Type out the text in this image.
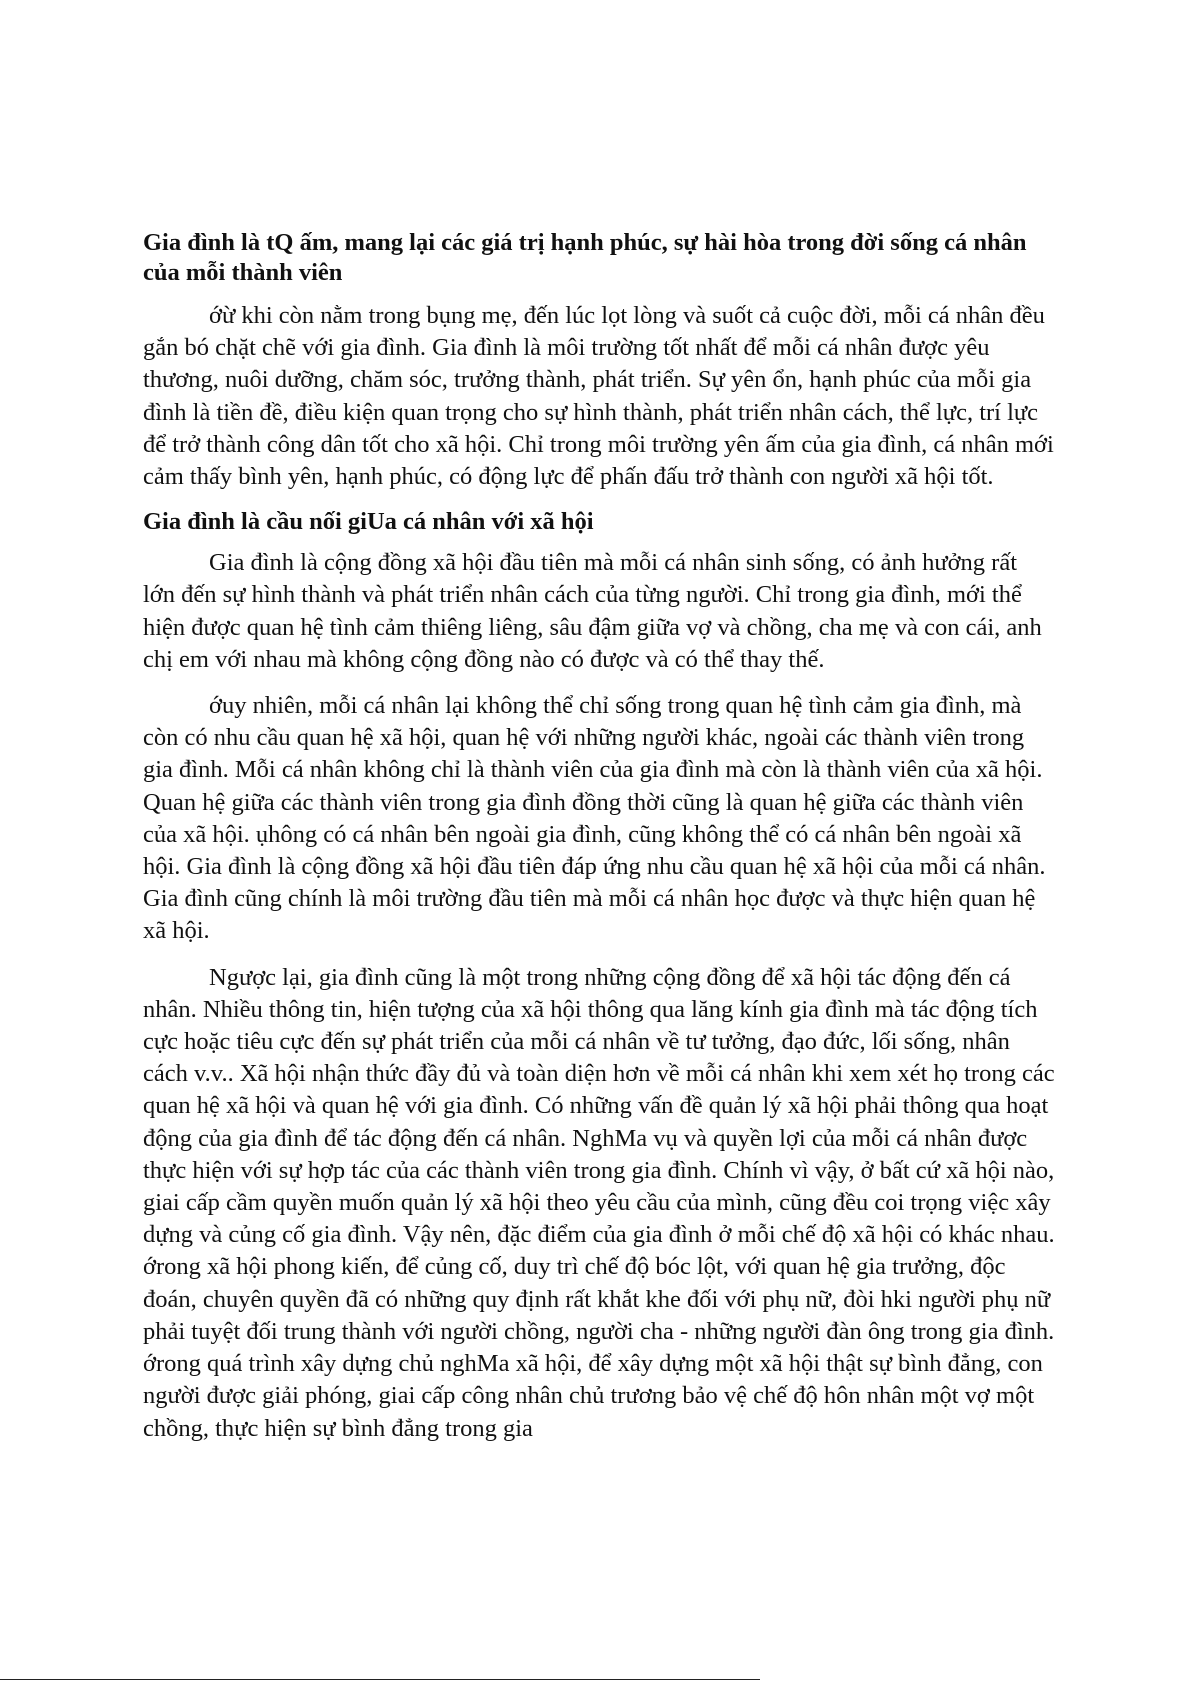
Gia đình là tQ ấm, mang lại các giá trị hạnh phúc, sự hài hòa trong đời sống cá nhân của mỗi thành viên
ớừ khi còn nằm trong bụng mẹ, đến lúc lọt lòng và suốt cả cuộc đời, mỗi cá nhân đều gắn bó chặt chẽ với gia đình. Gia đình là môi trường tốt nhất để mỗi cá nhân được yêu thương, nuôi dưỡng, chăm sóc, trưởng thành, phát triển. Sự yên ổn, hạnh phúc của mỗi gia đình là tiền đề, điều kiện quan trọng cho sự hình thành, phát triển nhân cách, thể lực, trí lực để trở thành công dân tốt cho xã hội. Chỉ trong môi trường yên ấm của gia đình, cá nhân mới cảm thấy bình yên, hạnh phúc, có động lực để phấn đấu trở thành con người xã hội tốt.
Gia đình là cầu nối giUa cá nhân với xã hội
Gia đình là cộng đồng xã hội đầu tiên mà mỗi cá nhân sinh sống, có ảnh hưởng rất lớn đến sự hình thành và phát triển nhân cách của từng người. Chỉ trong gia đình, mới thể hiện được quan hệ tình cảm thiêng liêng, sâu đậm giữa vợ và chồng, cha mẹ và con cái, anh chị em với nhau mà không cộng đồng nào có được và có thể thay thế.
ớuy nhiên, mỗi cá nhân lại không thể chỉ sống trong quan hệ tình cảm gia đình, mà còn có nhu cầu quan hệ xã hội, quan hệ với những người khác, ngoài các thành viên trong gia đình. Mỗi cá nhân không chỉ là thành viên của gia đình mà còn là thành viên của xã hội. Quan hệ giữa các thành viên trong gia đình đồng thời cũng là quan hệ giữa các thành viên của xã hội. ụhông có cá nhân bên ngoài gia đình, cũng không thể có cá nhân bên ngoài xã hội. Gia đình là cộng đồng xã hội đầu tiên đáp ứng nhu cầu quan hệ xã hội của mỗi cá nhân. Gia đình cũng chính là môi trường đầu tiên mà mỗi cá nhân học được và thực hiện quan hệ xã hội.
Ngược lại, gia đình cũng là một trong những cộng đồng để xã hội tác động đến cá nhân. Nhiều thông tin, hiện tượng của xã hội thông qua lăng kính gia đình mà tác động tích cực hoặc tiêu cực đến sự phát triển của mỗi cá nhân về tư tưởng, đạo đức, lối sống, nhân cách v.v.. Xã hội nhận thức đầy đủ và toàn diện hơn về mỗi cá nhân khi xem xét họ trong các quan hệ xã hội và quan hệ với gia đình. Có những vấn đề quản lý xã hội phải thông qua hoạt động của gia đình để tác động đến cá nhân. NghMa vụ và quyền lợi của mỗi cá nhân được thực hiện với sự hợp tác của các thành viên trong gia đình. Chính vì vậy, ở bất cứ xã hội nào, giai cấp cầm quyền muốn quản lý xã hội theo yêu cầu của mình, cũng đều coi trọng việc xây dựng và củng cố gia đình. Vậy nên, đặc điểm của gia đình ở mỗi chế độ xã hội có khác nhau. ớrong xã hội phong kiến, để củng cố, duy trì chế độ bóc lột, với quan hệ gia trưởng, độc đoán, chuyên quyền đã có những quy định rất khắt khe đối với phụ nữ, đòi hki người phụ nữ phải tuyệt đối trung thành với người chồng, người cha - những người đàn ông trong gia đình. ớrong quá trình xây dựng chủ nghMa xã hội, để xây dựng một xã hội thật sự bình đẳng, con người được giải phóng, giai cấp công nhân chủ trương bảo vệ chế độ hôn nhân một vợ một chồng, thực hiện sự bình đẳng trong gia
